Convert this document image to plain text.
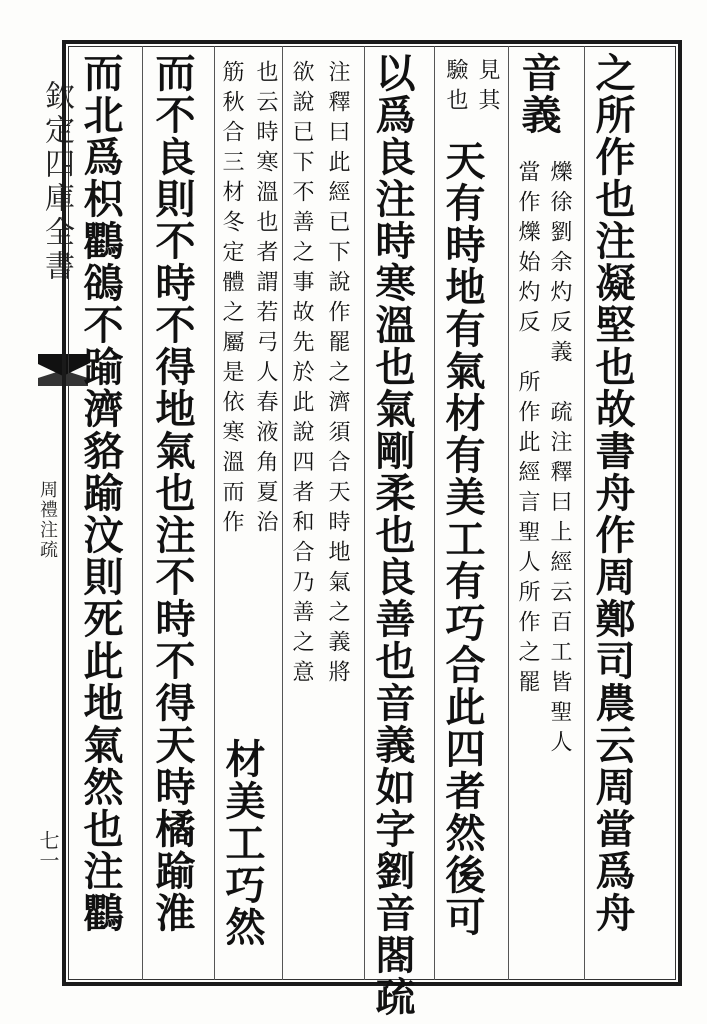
欽定四庫全書
周禮注疏
七一	之所作也注凝堅也故書舟作周鄭司農云周當爲舟
音義
爍徐劉余灼反義　疏注釋曰上經云百工皆聖人
當作爍始灼反　所作此經言聖人所作之罷
見其
驗也
天有時地有氣材有美工有巧合此四者然後可
以爲良注時寒溫也氣剛柔也良善也音義如字劉音閤疏
注釋曰此經已下說作罷之濟須合天時地氣之義將
欲說已下不善之事故先於此說四者和合乃善之意
也云時寒溫也者謂若弓人春液角夏治
筋秋合三材冬定體之屬是依寒溫而作
材美工巧然
而不良則不時不得地氣也注不時不得天時橘踰淮
而北爲枳鸜鵒不踰濟貉踰汶則死此地氣然也注鸜
